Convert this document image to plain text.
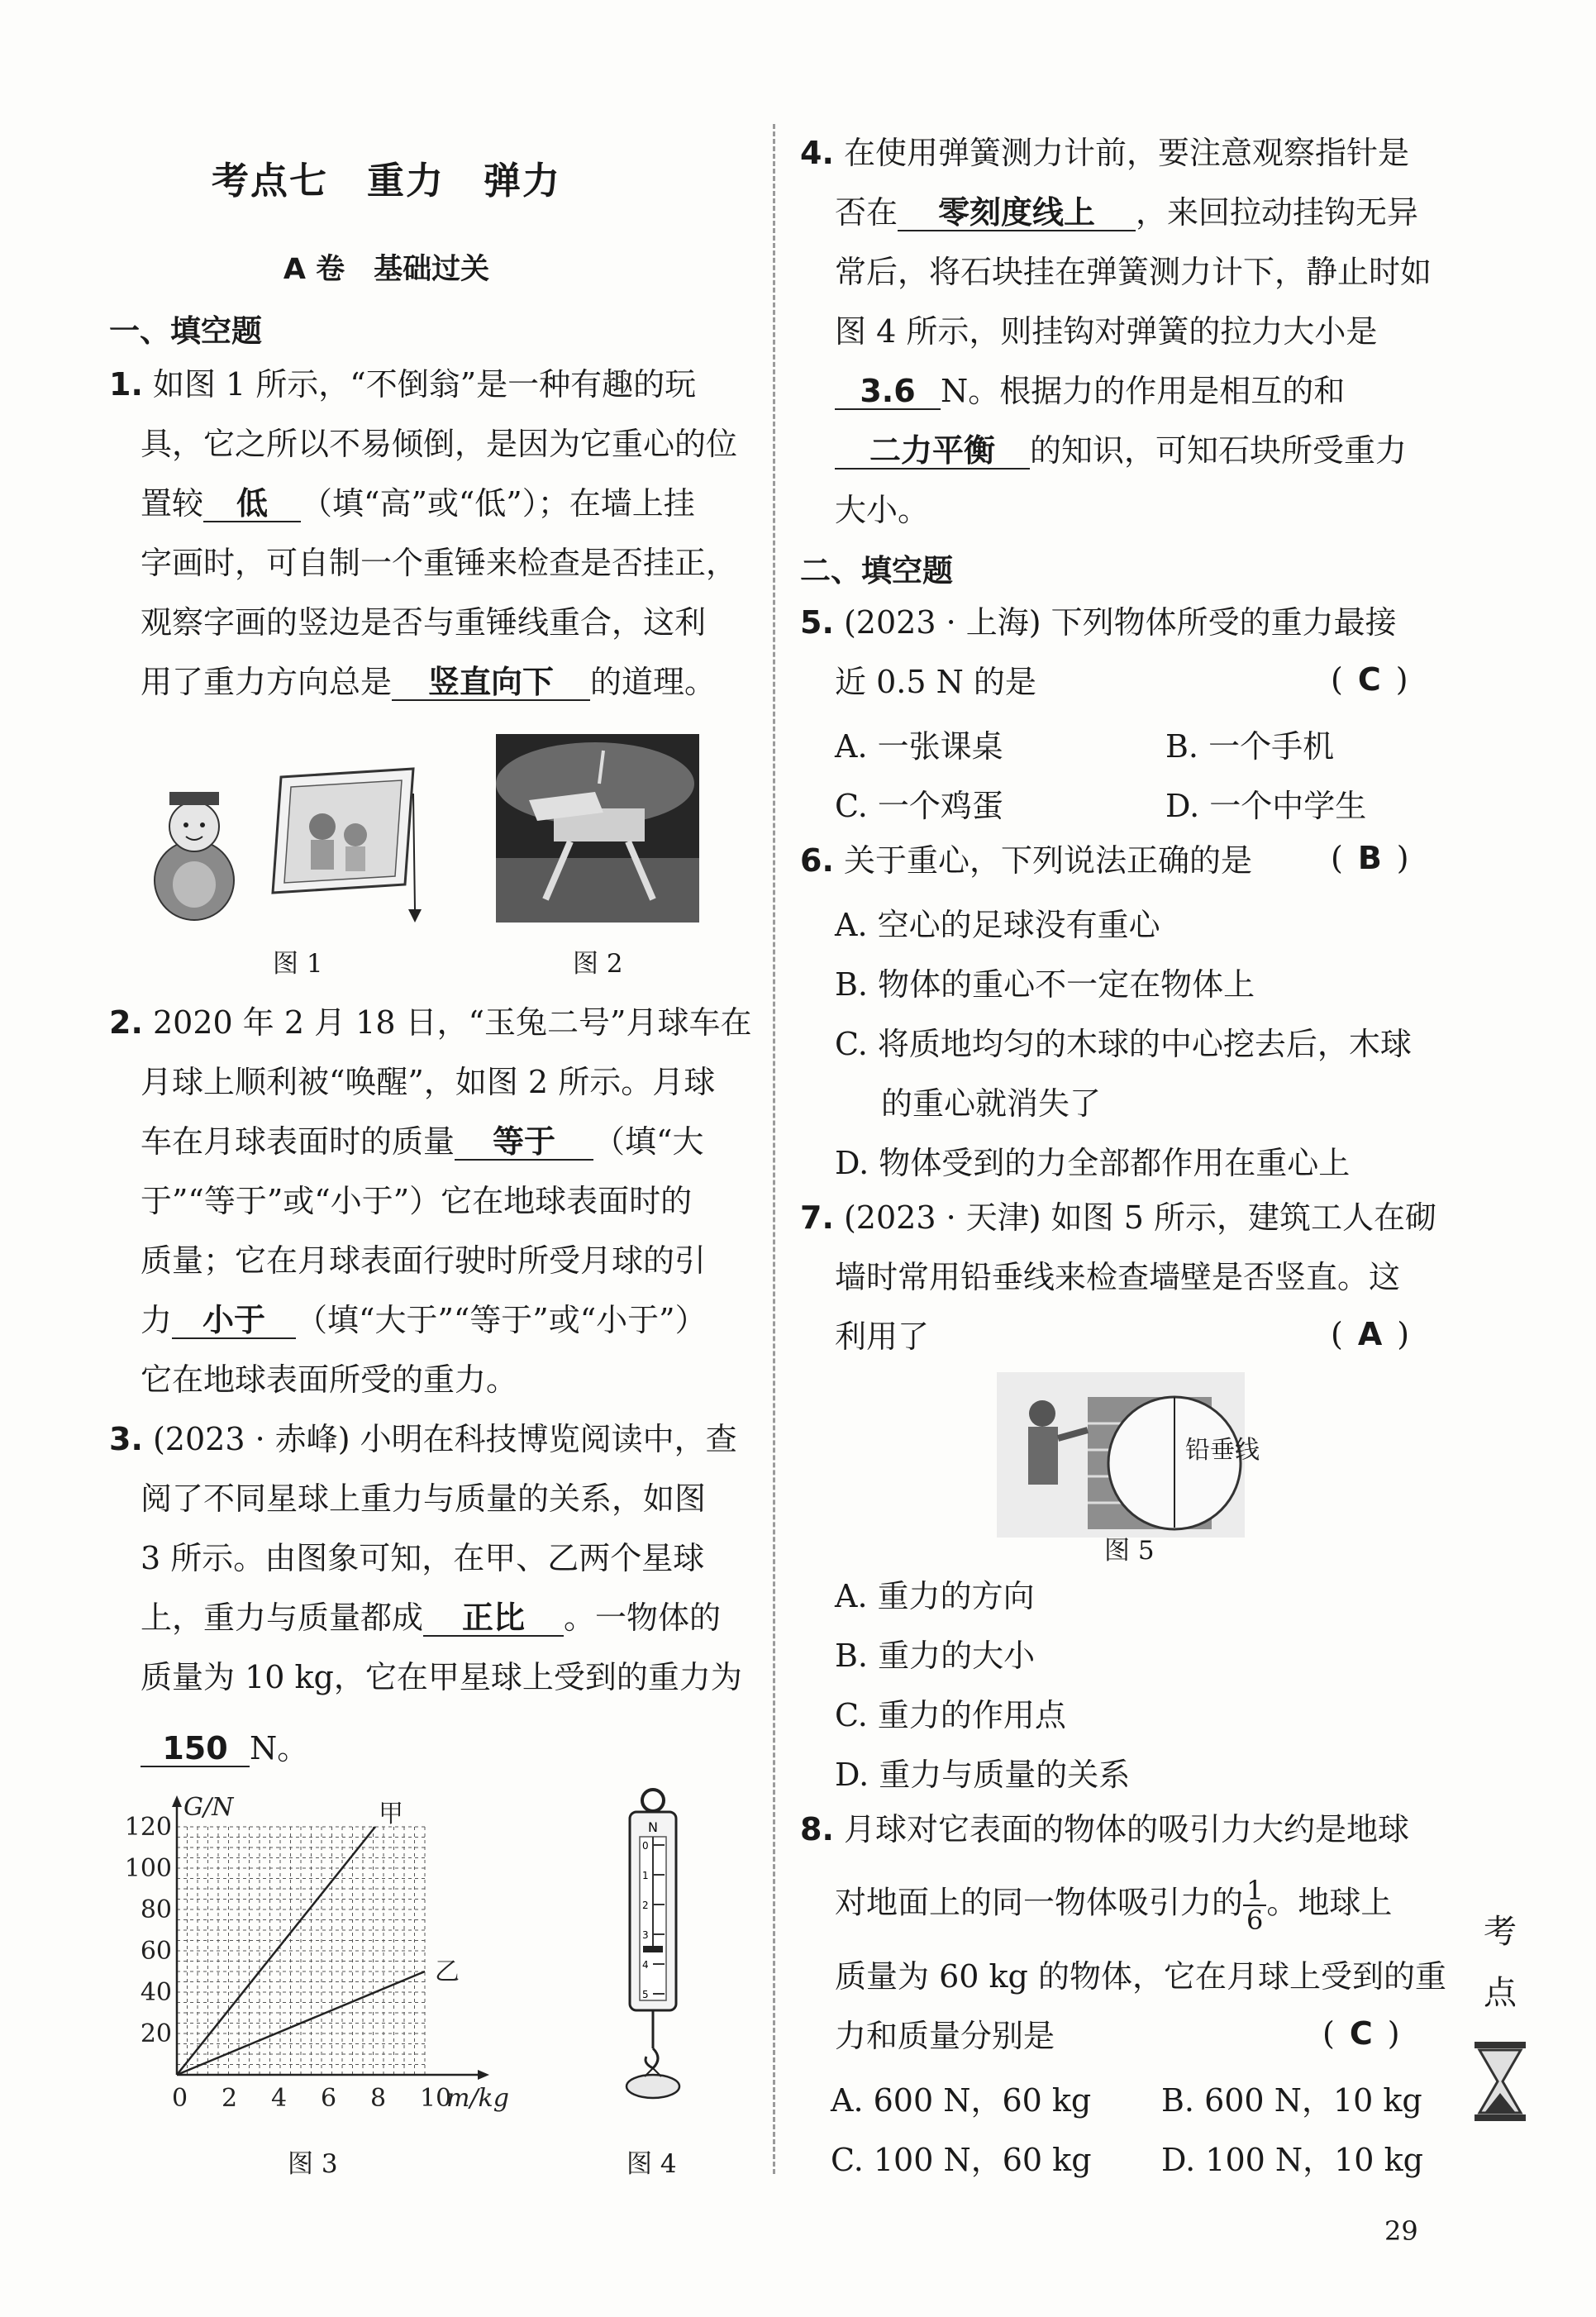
考点七　重力　弹力
A 卷　基础过关
一、填空题
1. 如图 1 所示，“不倒翁”是一种有趣的玩
具，它之所以不易倾倒，是因为它重心的位
置较 低 （填“高”或“低”）；在墙上挂
字画时，可自制一个重锤来检查是否挂正，
观察字画的竖边是否与重锤线重合，这利
用了重力方向总是 竖直向下 的道理。
图 1	图 2
2. 2020 年 2 月 18 日，“玉兔二号”月球车在
月球上顺利被“唤醒”，如图 2 所示。月球
车在月球表面时的质量 等于 （填“大
于”“等于”或“小于”）它在地球表面时的
质量；它在月球表面行驶时所受月球的引
力 小于 （填“大于”“等于”或“小于”）
它在地球表面所受的重力。
3. (2023 · 赤峰) 小明在科技博览阅读中，查
阅了不同星球上重力与质量的关系，如图
3 所示。由图象可知，在甲、乙两个星球
上，重力与质量都成 正比 。一物体的
质量为 10 kg，它在甲星球上受到的重力为
150 N。
0 2 4 6 8 10
20
40
60
80
100
120
m/kg
G/N	甲
乙
图 3
N
0
1
2
3
4
5
图 4
4. 在使用弹簧测力计前，要注意观察指针是
否在 零刻度线上 ，来回拉动挂钩无异
常后，将石块挂在弹簧测力计下，静止时如
图 4 所示，则挂钩对弹簧的拉力大小是
3.6 N。根据力的作用是相互的和
二力平衡 的知识，可知石块所受重力
大小。
二、填空题
5. (2023 · 上海) 下列物体所受的重力最接
近 0.5 N 的是	( C )
A. 一张课桌	B. 一个手机
C. 一个鸡蛋	D. 一个中学生
6. 关于重心，下列说法正确的是	( B )
A. 空心的足球没有重心
B. 物体的重心不一定在物体上
C. 将质地均匀的木球的中心挖去后，木球
的重心就消失了
D. 物体受到的力全部都作用在重心上
7. (2023 · 天津) 如图 5 所示，建筑工人在砌
墙时常用铅垂线来检查墙壁是否竖直。这
利用了	( A )
铅垂线
图 5
A. 重力的方向
B. 重力的大小
C. 重力的作用点
D. 重力与质量的关系
8. 月球对它表面的物体的吸引力大约是地球
对地面上的同一物体吸引力的 $\frac{1}{6}$ 。地球上
质量为 60 kg 的物体，它在月球上受到的重
力和质量分别是	( C )
A. 600 N，60 kg B. 600 N，10 kg
C. 100 N，60 kg D. 100 N，10 kg
考
点
29
